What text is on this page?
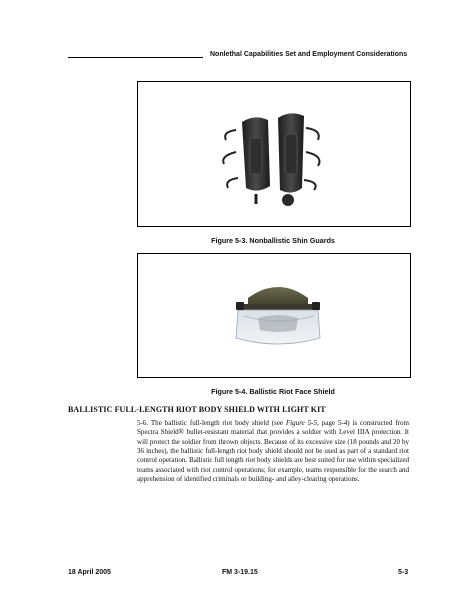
Nonlethal Capabilities Set and Employment Considerations
Figure 5-3. Nonballistic Shin Guards
Figure 5-4. Ballistic Riot Face Shield
BALLISTIC FULL-LENGTH RIOT BODY SHIELD WITH LIGHT KIT

5-6. The ballistic full-length riot body shield (see Figure 5-5, page 5-4) is constructed from Spectra Shield® bullet-resistant material that provides a soldier with Level IIIA protection. It will protect the soldier from thrown objects. Because of its excessive size (18 pounds and 20 by 36 inches), the ballistic full-length riot body shield should not be used as part of a standard riot control operation. Ballistic full length riot body shields are best suited for use within specialized teams associated with riot control operations; for example, teams responsible for the search and apprehension of identified criminals or building- and alley-clearing operations.

18 April 2005	FM 3-19.15	5-3
